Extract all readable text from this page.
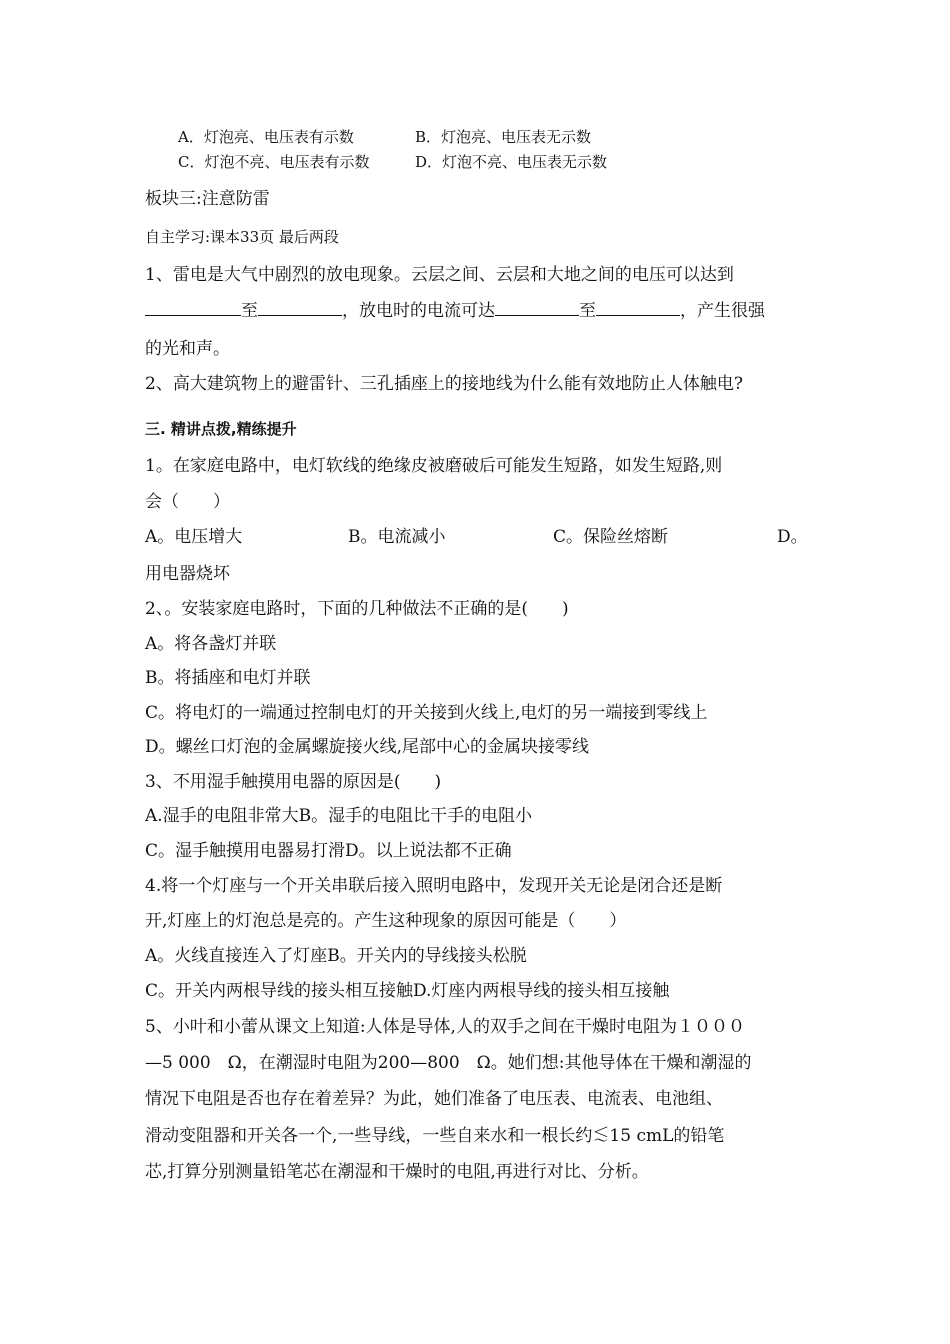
A．灯泡亮、电压表有示数	B．灯泡亮、电压表无示数
C．灯泡不亮、电压表有示数	D．灯泡不亮、电压表无示数
板块三:注意防雷
自主学习:课本33页 最后两段
1、雷电是大气中剧烈的放电现象。云层之间、云层和大地之间的电压可以达到
至	，放电时的电流可达	至	，产生很强
的光和声。
2、高大建筑物上的避雷针、三孔插座上的接地线为什么能有效地防止人体触电?
三. 精讲点拨,精练提升
1。在家庭电路中，电灯软线的绝缘皮被磨破后可能发生短路，如发生短路,则
会（　　）
A。电压增大	B。电流减小	C。保险丝熔断	D。
用电器烧坏
2、。安装家庭电路时，下面的几种做法不正确的是(　　)
A。将各盏灯并联
B。将插座和电灯并联
C。将电灯的一端通过控制电灯的开关接到火线上,电灯的另一端接到零线上
D。螺丝口灯泡的金属螺旋接火线,尾部中心的金属块接零线
3、不用湿手触摸用电器的原因是(　　)
A.湿手的电阻非常大B。湿手的电阻比干手的电阻小
C。湿手触摸用电器易打滑D。以上说法都不正确
4.将一个灯座与一个开关串联后接入照明电路中，发现开关无论是闭合还是断
开,灯座上的灯泡总是亮的。产生这种现象的原因可能是（　　）
A。火线直接连入了灯座B。开关内的导线接头松脱
C。开关内两根导线的接头相互接触D.灯座内两根导线的接头相互接触
5、小叶和小蕾从课文上知道:人体是导体,人的双手之间在干燥时电阻为１０００
—5 000　Ω，在潮湿时电阻为200—800　Ω。她们想:其他导体在干燥和潮湿的
情况下电阻是否也存在着差异？为此，她们准备了电压表、电流表、电池组、
滑动变阻器和开关各一个,一些导线，一些自来水和一根长约≲15 cmL的铅笔
芯,打算分别测量铅笔芯在潮湿和干燥时的电阻,再进行对比、分析。
